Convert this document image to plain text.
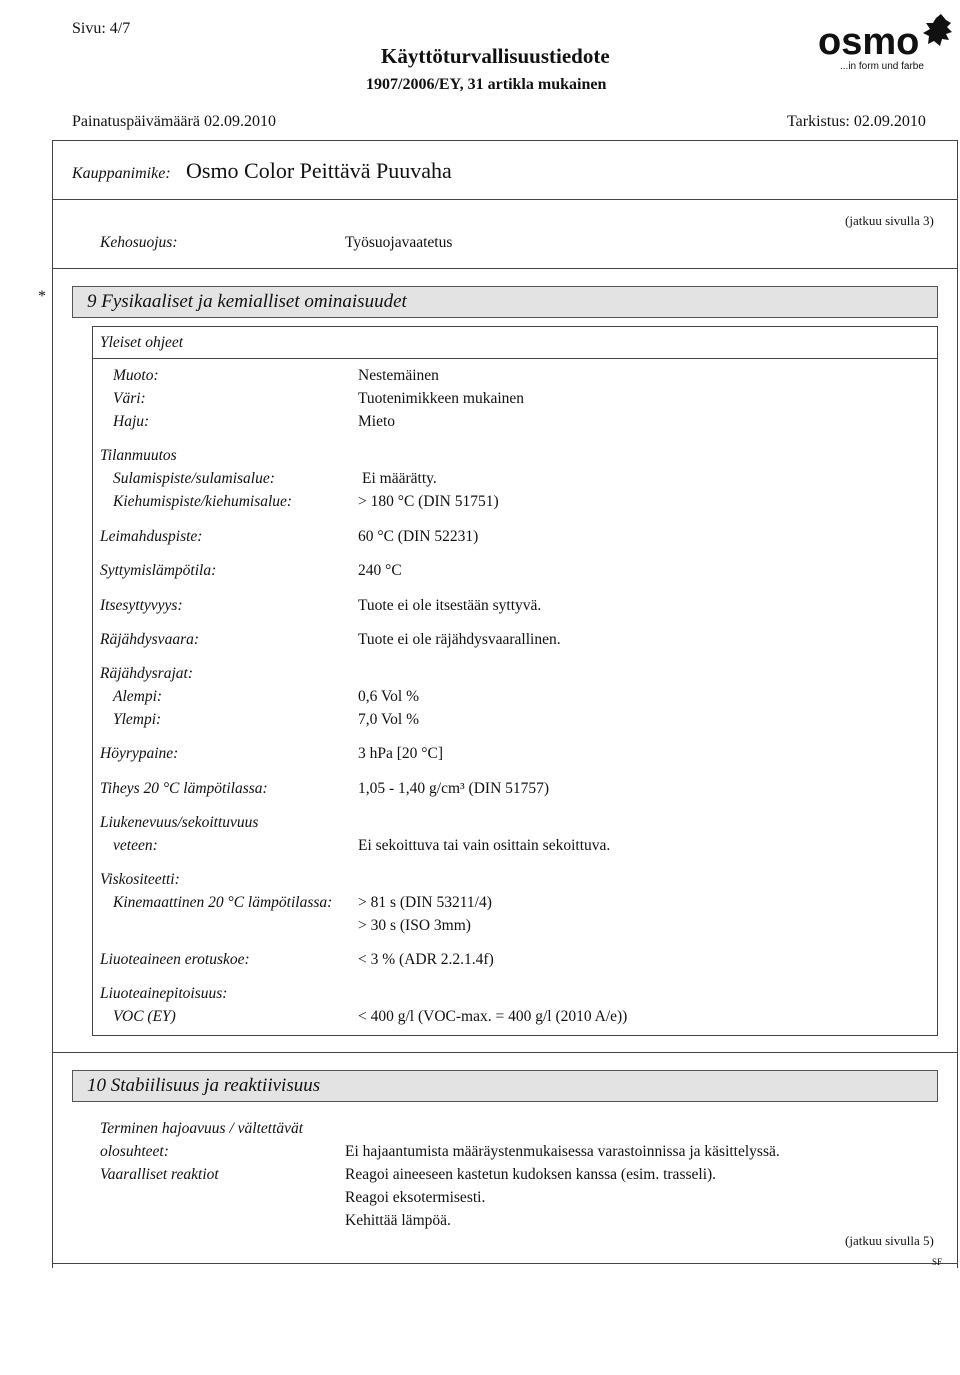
Sivu: 4/7
Käyttöturvallisuustiedote
1907/2006/EY, 31 artikla mukainen
Painatuspäivämäärä 02.09.2010	Tarkistus: 02.09.2010
osmo
...in form und farbe
Kauppanimike: Osmo Color Peittävä Puuvaha
Kehosuojus:	Työsuojavaatetus
(jatkuu sivulla 3)
* 9 Fysikaaliset ja kemialliset ominaisuudet
Yleiset ohjeet
Muoto:	Nestemäinen
Väri:	Tuotenimikkeen mukainen
Haju:	Mieto
Tilanmuutos
Sulamispiste/sulamisalue:	Ei määrätty.
Kiehumispiste/kiehumisalue:	> 180 °C (DIN 51751)
Leimahduspiste:	60 °C (DIN 52231)
Syttymislämpötila:	240 °C
Itsesyttyvyys:	Tuote ei ole itsestään syttyvä.
Räjähdysvaara:	Tuote ei ole räjähdysvaarallinen.
Räjähdysrajat:
Alempi:	0,6 Vol %
Ylempi:	7,0 Vol %
Höyrypaine:	3 hPa [20 °C]
Tiheys 20 °C lämpötilassa:	1,05 - 1,40 g/cm³ (DIN 51757)
Liukenevuus/sekoittuvuus
veteen:	Ei sekoittuva tai vain osittain sekoittuva.
Viskositeetti:
Kinemaattinen 20 °C lämpötilassa: > 81 s (DIN 53211/4)
> 30 s (ISO 3mm)
Liuoteaineen erotuskoe:	< 3 % (ADR 2.2.1.4f)
Liuoteainepitoisuus:
VOC (EY)	< 400 g/l (VOC-max. = 400 g/l (2010 A/e))
10 Stabiilisuus ja reaktiivisuus
Terminen hajoavuus / vältettävät
olosuhteet:	Ei hajaantumista määräystenmukaisessa varastoinnissa ja käsittelyssä.
Vaaralliset reaktiot	Reagoi aineeseen kastetun kudoksen kanssa (esim. trasseli).
Reagoi eksotermisesti.
Kehittää lämpöä.
(jatkuu sivulla 5)
SF
